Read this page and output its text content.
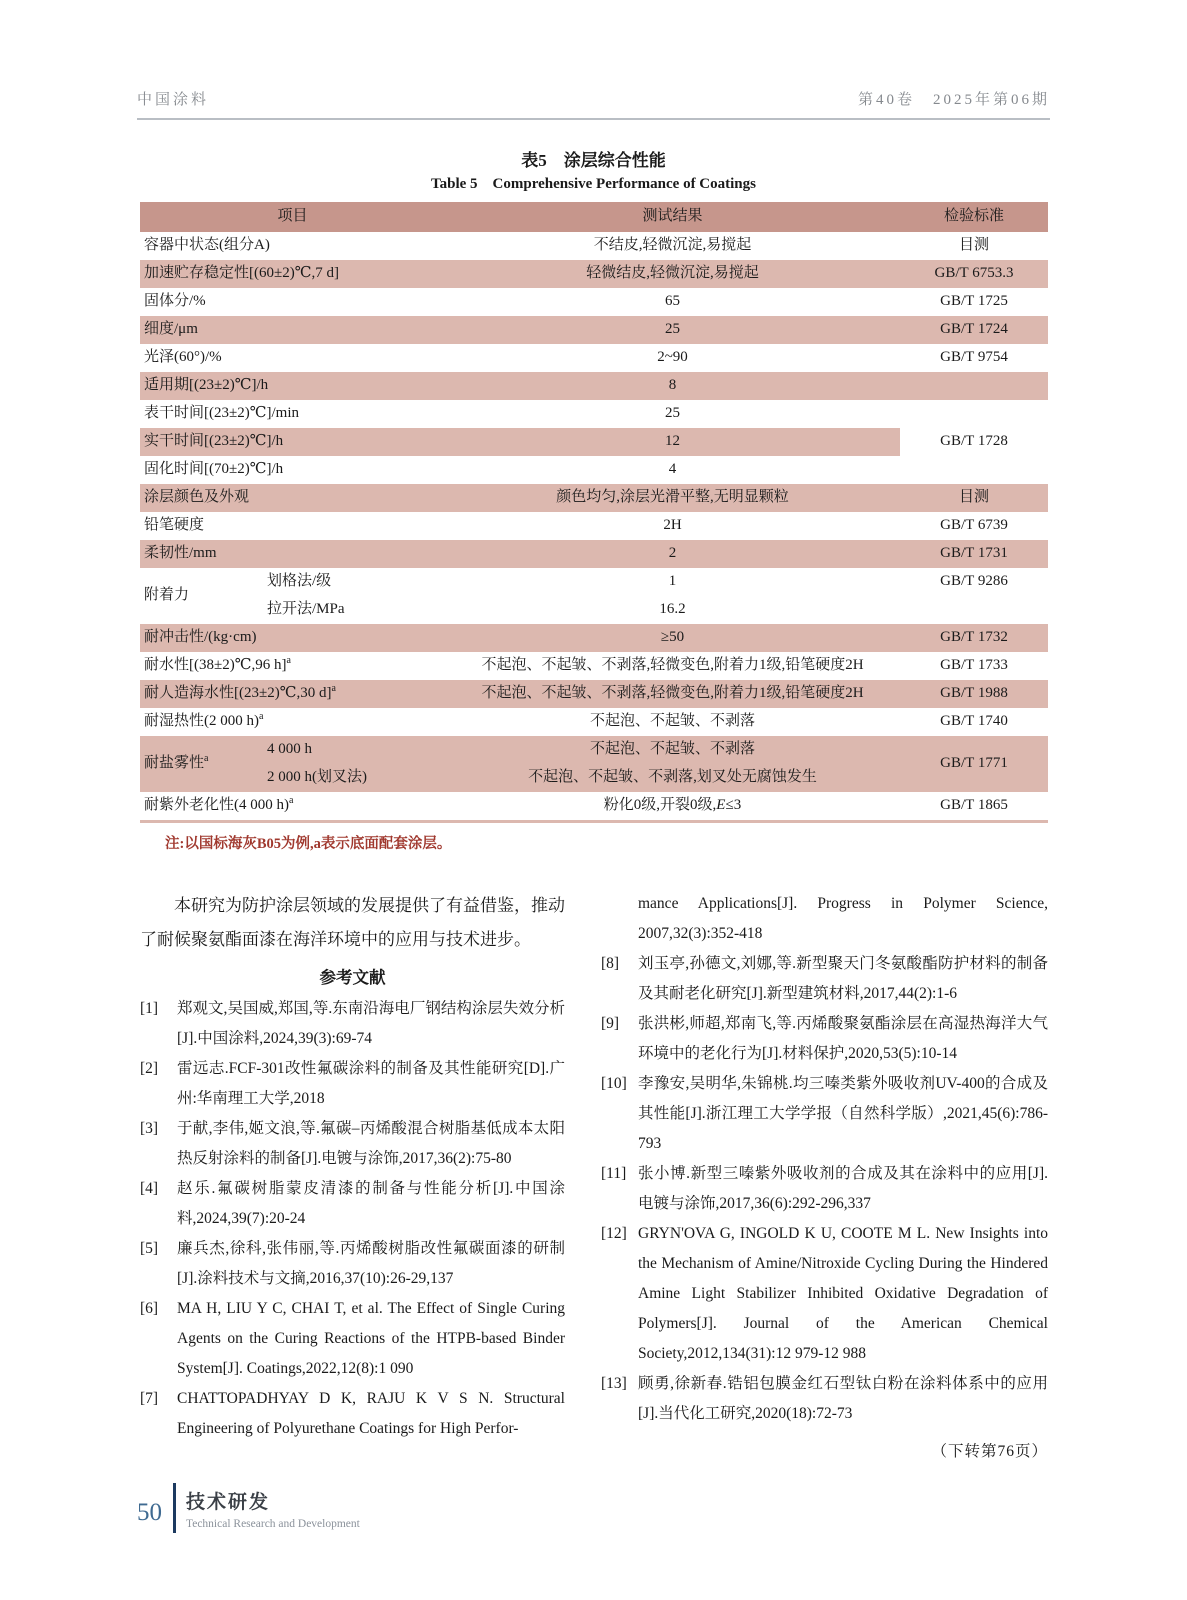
中国涂料	第40卷　2025年第06期
表5　涂层综合性能
Table 5    Comprehensive Performance of Coatings
项目		测试结果	检验标准
容器中状态(组分A)		不结皮,轻微沉淀,易搅起	目测
加速贮存稳定性[(60±2)℃,7 d]		轻微结皮,轻微沉淀,易搅起	GB/T 6753.3
固体分/%		65	GB/T 1725
细度/μm		25	GB/T 1724
光泽(60°)/%		2~90	GB/T 9754
适用期[(23±2)℃]/h		8	
表干时间[(23±2)℃]/min		25	GB/T 1728
实干时间[(23±2)℃]/h		12	
固化时间[(70±2)℃]/h		4	
涂层颜色及外观		颜色均匀,涂层光滑平整,无明显颗粒	目测
铅笔硬度		2H	GB/T 6739
柔韧性/mm		2	GB/T 1731
附着力	划格法/级	1	GB/T 9286
	拉开法/MPa	16.2	
耐冲击性/(kg·cm)		≥50	GB/T 1732
耐水性[(38±2)℃,96 h]$^a$		不起泡、不起皱、不剥落,轻微变色,附着力1级,铅笔硬度2H	GB/T 1733
耐人造海水性[(23±2)℃,30 d]$^a$		不起泡、不起皱、不剥落,轻微变色,附着力1级,铅笔硬度2H	GB/T 1988
耐湿热性(2 000 h)$^a$		不起泡、不起皱、不剥落	GB/T 1740
耐盐雾性$^a$	4 000 h	不起泡、不起皱、不剥落	GB/T 1771
	2 000 h(划叉法)	不起泡、不起皱、不剥落,划叉处无腐蚀发生	
耐紫外老化性(4 000 h)$^a$		粉化0级,开裂0级,E≤3	GB/T 1865
注:以国标海灰B05为例,a表示底面配套涂层。

本研究为防护涂层领域的发展提供了有益借鉴，推动了耐候聚氨酯面漆在海洋环境中的应用与技术进步。

参考文献
[1] 郑观文,吴国威,郑国,等.东南沿海电厂钢结构涂层失效分析[J].中国涂料,2024,39(3):69-74
[2] 雷远志.FCF-301改性氟碳涂料的制备及其性能研究[D].广州:华南理工大学,2018
[3] 于献,李伟,姬文浪,等.氟碳–丙烯酸混合树脂基低成本太阳热反射涂料的制备[J].电镀与涂饰,2017,36(2):75-80
[4] 赵乐.氟碳树脂蒙皮清漆的制备与性能分析[J].中国涂料,2024,39(7):20-24
[5] 廉兵杰,徐科,张伟丽,等.丙烯酸树脂改性氟碳面漆的研制[J].涂料技术与文摘,2016,37(10):26-29,137
[6] MA H, LIU Y C, CHAI T, et al. The Effect of Single Curing Agents on the Curing Reactions of the HTPB-based Binder System[J]. Coatings,2022,12(8):1 090
[7] CHATTOPADHYAY D K, RAJU K V S N. Structural Engineering of Polyurethane Coatings for High Perfor-
mance Applications[J]. Progress in Polymer Science, 2007,32(3):352-418
[8] 刘玉亭,孙德文,刘娜,等.新型聚天门冬氨酸酯防护材料的制备及其耐老化研究[J].新型建筑材料,2017,44(2):1-6
[9] 张洪彬,师超,郑南飞,等.丙烯酸聚氨酯涂层在高湿热海洋大气环境中的老化行为[J].材料保护,2020,53(5):10-14
[10] 李豫安,吴明华,朱锦桃.均三嗪类紫外吸收剂UV-400的合成及其性能[J].浙江理工大学学报（自然科学版）,2021,45(6):786-793
[11] 张小博.新型三嗪紫外吸收剂的合成及其在涂料中的应用[J].电镀与涂饰,2017,36(6):292-296,337
[12] GRYN'OVA G, INGOLD K U, COOTE M L. New Insights into the Mechanism of Amine/Nitroxide Cycling During the Hindered Amine Light Stabilizer Inhibited Oxidative Degradation of Polymers[J]. Journal of the American Chemical Society,2012,134(31):12 979-12 988
[13] 顾勇,徐新春.锆铝包膜金红石型钛白粉在涂料体系中的应用[J].当代化工研究,2020(18):72-73
（下转第76页）
50 技术研发
Technical Research and Development
